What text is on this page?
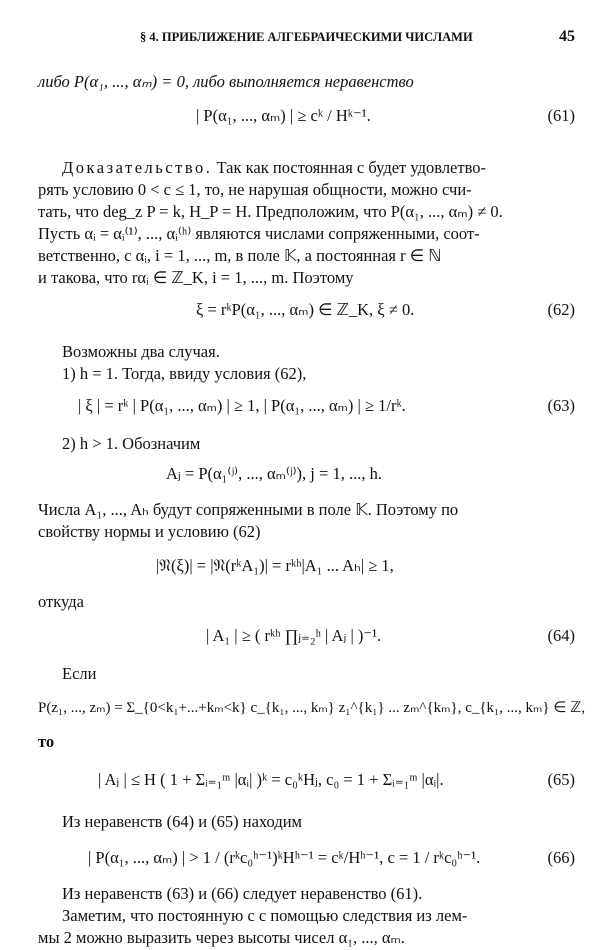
§ 4. ПРИБЛИЖЕНИЕ АЛГЕБРАИЧЕСКИМИ ЧИСЛАМИ	45
либо P(α₁, ..., αₘ) = 0, либо выполняется неравенство
| P(α₁, ..., αₘ) | ≥ cᵏ / Hᵏ⁻¹.	(61)
Доказательство. Так как постоянная c будет удовлетво-
рять условию 0 < c ≤ 1, то, не нарушая общности, можно счи-
тать, что deg_z P = k, H_P = H. Предположим, что P(α₁, ..., αₘ) ≠ 0.
Пусть αᵢ = αᵢ⁽¹⁾, ..., αᵢ⁽ʰ⁾ являются числами сопряженными, соот-
ветственно, с αᵢ, i = 1, ..., m, в поле 𝕂, а постоянная r ∈ ℕ
и такова, что rαᵢ ∈ ℤ_K, i = 1, ..., m. Поэтому
ξ = rᵏP(α₁, ..., αₘ) ∈ ℤ_K, ξ ≠ 0.	(62)
Возможны два случая.
1) h = 1. Тогда, ввиду условия (62),
| ξ | = rᵏ | P(α₁, ..., αₘ) | ≥ 1, | P(α₁, ..., αₘ) | ≥ 1/rᵏ.	(63)
2) h > 1. Обозначим
Aⱼ = P(α₁⁽ʲ⁾, ..., αₘ⁽ʲ⁾), j = 1, ..., h.
Числа A₁, ..., Aₕ будут сопряженными в поле 𝕂. Поэтому по
свойству нормы и условию (62)
|𝔑(ξ)| = |𝔑(rᵏA₁)| = rᵏʰ|A₁ ... Aₕ| ≥ 1,
откуда
| A₁ | ≥ ( rᵏʰ ∏ⱼ₌₂ʰ | Aⱼ | )⁻¹.	(64)
Если
P(z₁, ..., zₘ) = Σ_{0<k₁+...+kₘ<k} c_{k₁, ..., kₘ} z₁^{k₁} ... zₘ^{kₘ}, c_{k₁, ..., kₘ} ∈ ℤ,
то
| Aⱼ | ≤ H ( 1 + Σᵢ₌₁ᵐ |αᵢ| )ᵏ = c₀ᵏHⱼ, c₀ = 1 + Σᵢ₌₁ᵐ |αᵢ|.	(65)
Из неравенств (64) и (65) находим
| P(α₁, ..., αₘ) | > 1 / (rᵏc₀ʰ⁻¹)ᵏHʰ⁻¹ = cᵏ/Hʰ⁻¹, c = 1 / rᵏc₀ʰ⁻¹.	(66)
Из неравенств (63) и (66) следует неравенство (61).
Заметим, что постоянную c с помощью следствия из лем-
мы 2 можно выразить через высоты чисел α₁, ..., αₘ.
